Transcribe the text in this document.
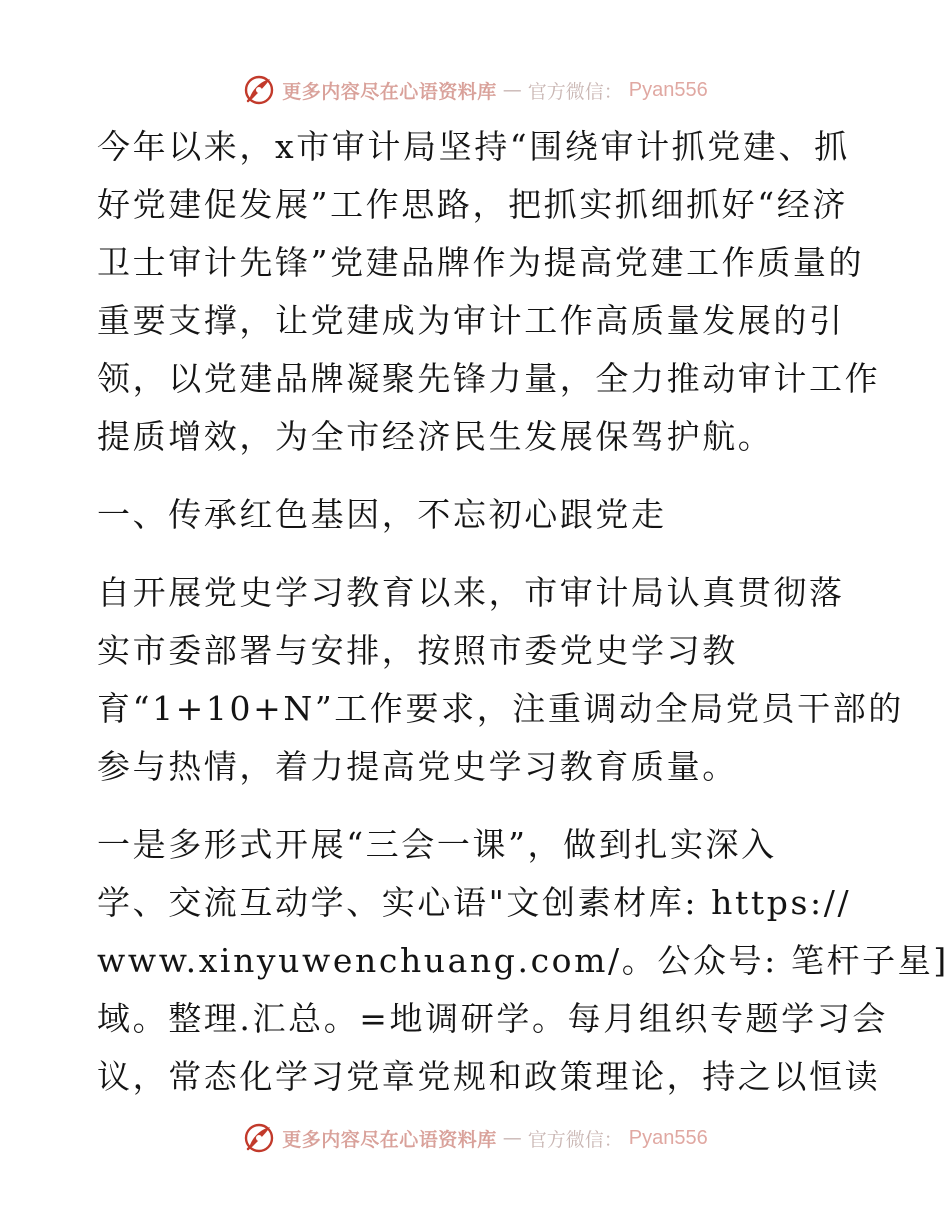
更多内容尽在心语资料库 — 官方微信： Pyan556
今年以来，x市审计局坚持“围绕审计抓党建、抓
好党建促发展”工作思路，把抓实抓细抓好“经济
卫士审计先锋”党建品牌作为提高党建工作质量的
重要支撑，让党建成为审计工作高质量发展的引
领，以党建品牌凝聚先锋力量，全力推动审计工作
提质增效，为全市经济民生发展保驾护航。
一、传承红色基因，不忘初心跟党走
自开展党史学习教育以来，市审计局认真贯彻落
实市委部署与安排，按照市委党史学习教
育“1+10+N”工作要求，注重调动全局党员干部的
参与热情，着力提高党史学习教育质量。
一是多形式开展“三会一课”，做到扎实深入
学、交流互动学、实心语"文创素材库: https://
www.xinyuwenchuang.com/。公众号: 笔杆子星]
域。整理.汇总。=地调研学。每月组织专题学习会
议，常态化学习党章党规和政策理论，持之以恒读
更多内容尽在心语资料库 — 官方微信： Pyan556
